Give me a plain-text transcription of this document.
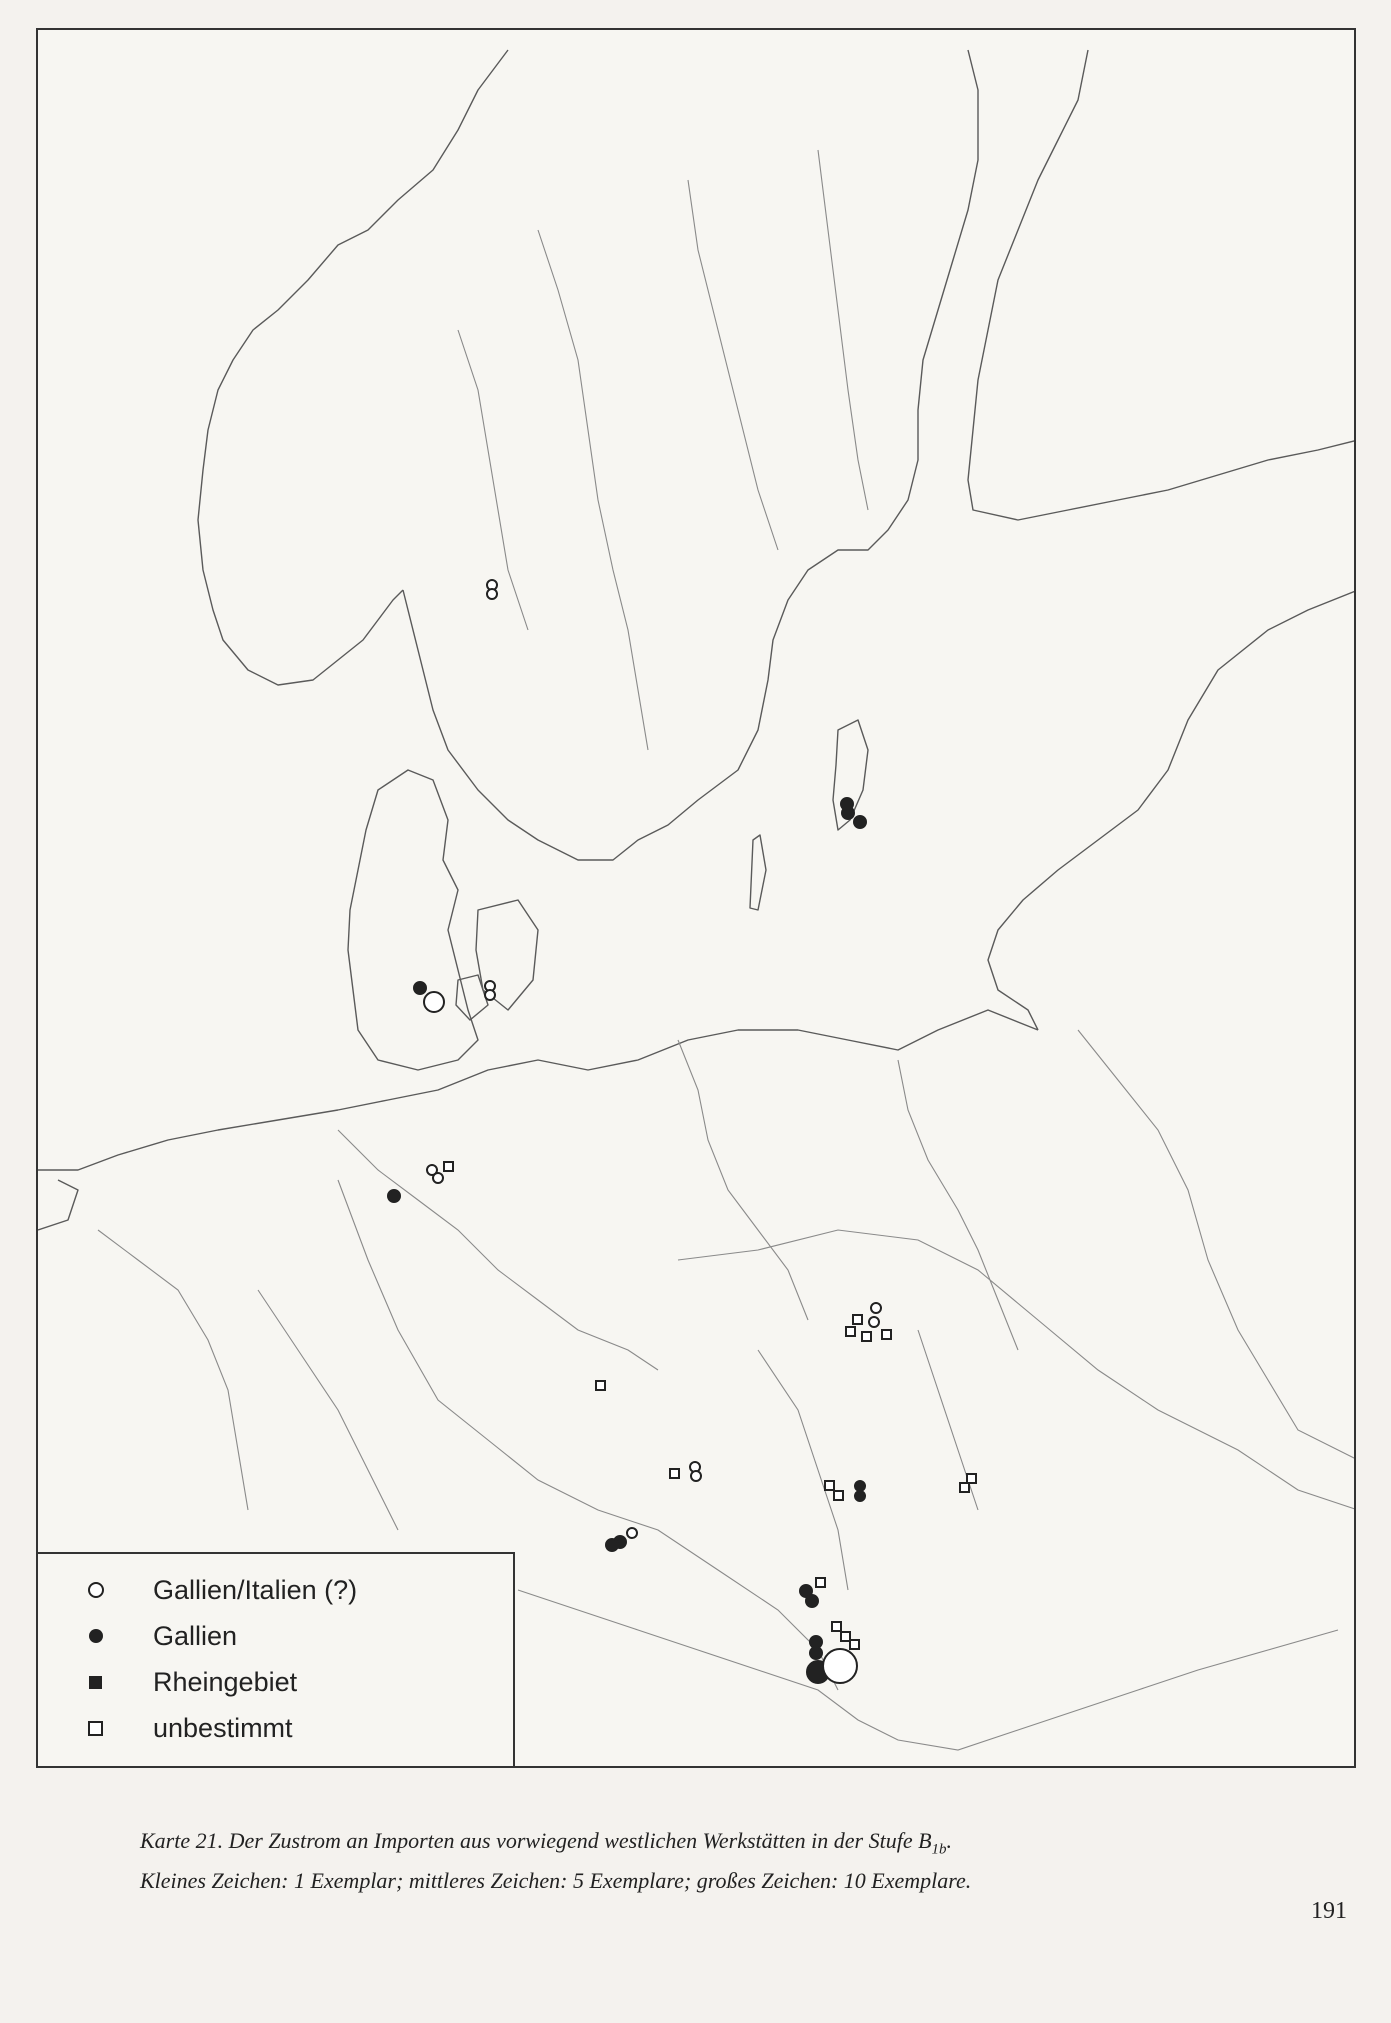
Gallien/Italien (?)
Gallien
Rheingebiet
unbestimmt
Karte 21. Der Zustrom an Importen aus vorwiegend westlichen Werkstätten in der Stufe $B_{1b}$.
Kleines Zeichen: 1 Exemplar; mittleres Zeichen: 5 Exemplare; großes Zeichen: 10 Exemplare.
191
